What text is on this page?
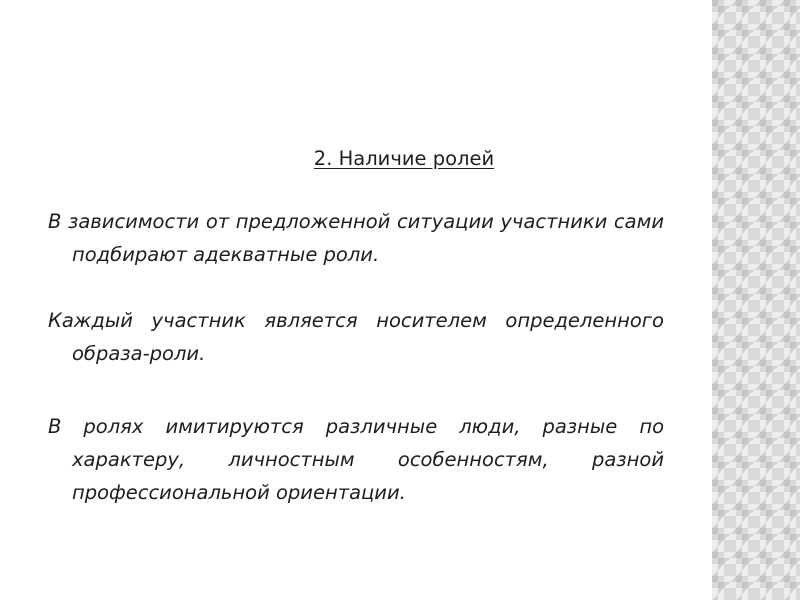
2. Наличие ролей

В зависимости от предложенной ситуации участники сами подбирают адекватные роли.

Каждый участник является носителем определенного образа-роли.

В ролях имитируются различные люди, разные по характеру, личностным особенностям, разной профессиональной ориентации.
